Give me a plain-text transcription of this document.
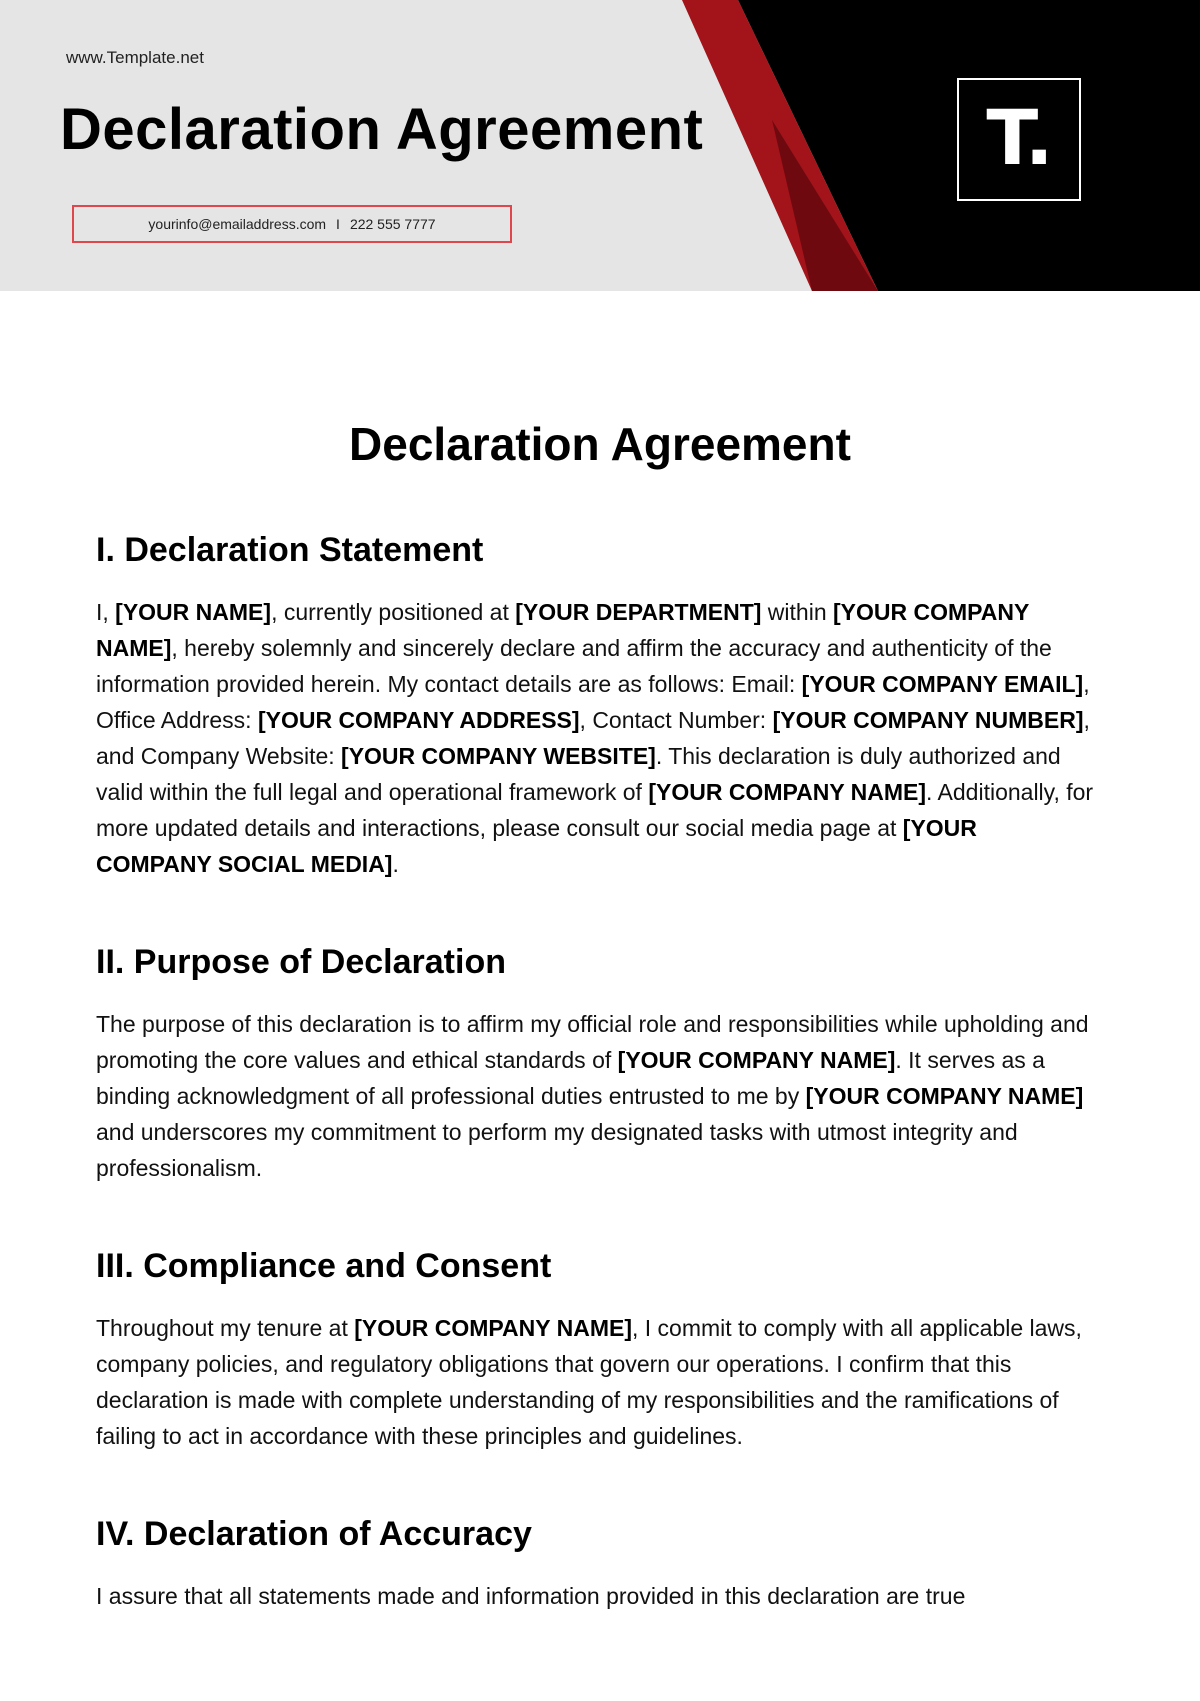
www.Template.net
Declaration Agreement
yourinfo@emailaddress.com I 222 555 7777
T.
Declaration Agreement
I. Declaration Statement

I, [YOUR NAME], currently positioned at [YOUR DEPARTMENT] within [YOUR COMPANY NAME], hereby solemnly and sincerely declare and affirm the accuracy and authenticity of the information provided herein. My contact details are as follows: Email: [YOUR COMPANY EMAIL], Office Address: [YOUR COMPANY ADDRESS], Contact Number: [YOUR COMPANY NUMBER], and Company Website: [YOUR COMPANY WEBSITE]. This declaration is duly authorized and valid within the full legal and operational framework of [YOUR COMPANY NAME]. Additionally, for more updated details and interactions, please consult our social media page at [YOUR COMPANY SOCIAL MEDIA].

II. Purpose of Declaration

The purpose of this declaration is to affirm my official role and responsibilities while upholding and promoting the core values and ethical standards of [YOUR COMPANY NAME]. It serves as a binding acknowledgment of all professional duties entrusted to me by [YOUR COMPANY NAME] and underscores my commitment to perform my designated tasks with utmost integrity and professionalism.

III. Compliance and Consent

Throughout my tenure at [YOUR COMPANY NAME], I commit to comply with all applicable laws, company policies, and regulatory obligations that govern our operations. I confirm that this declaration is made with complete understanding of my responsibilities and the ramifications of failing to act in accordance with these principles and guidelines.

IV. Declaration of Accuracy

I assure that all statements made and information provided in this declaration are true
